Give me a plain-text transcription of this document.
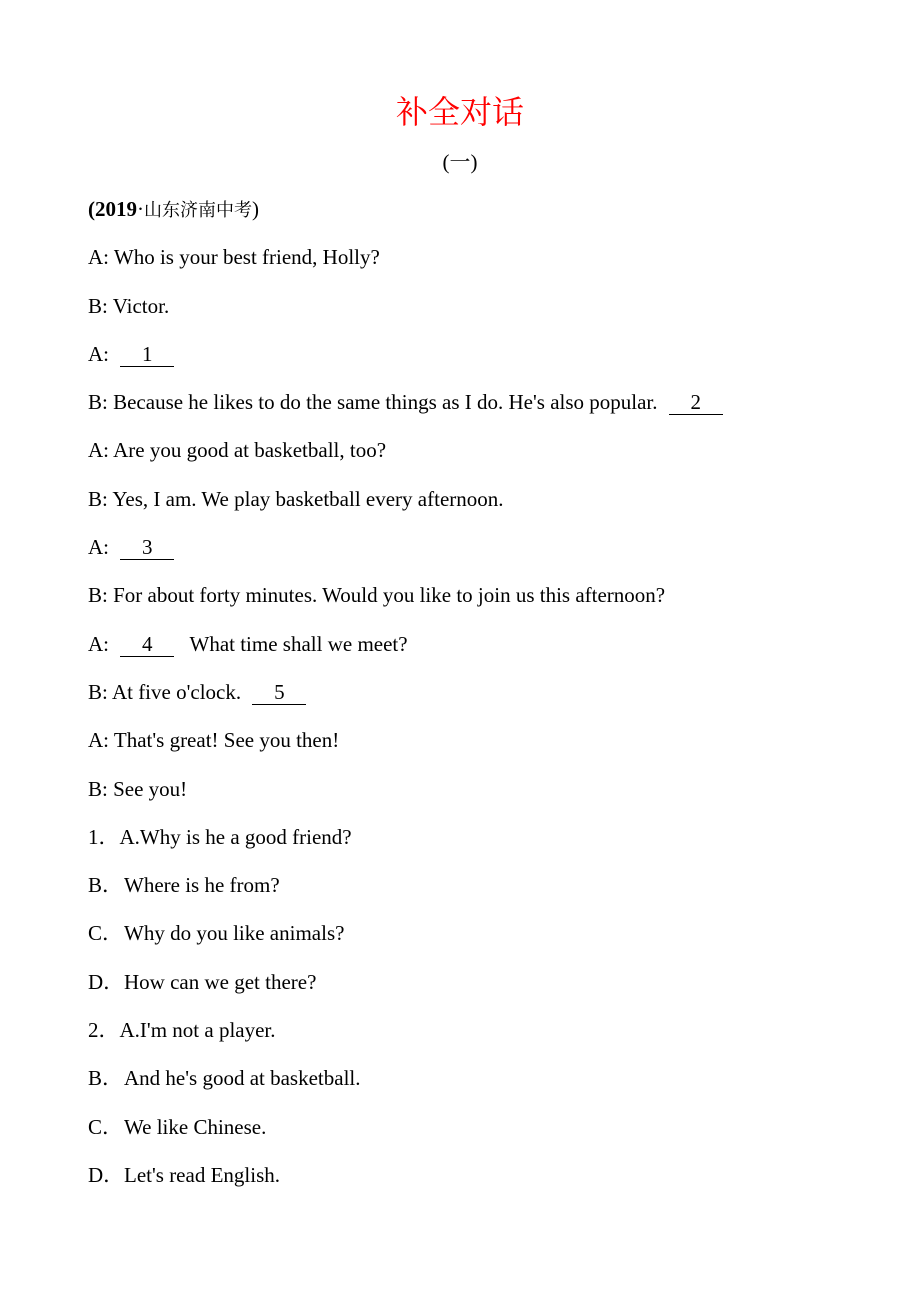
补全对话
(一)
(2019·山东济南中考)
A: Who is your best friend, Holly?
B: Victor.
A: 1
B: Because he likes to do the same things as I do. He's also popular. 2
A: Are you good at basketball, too?
B: Yes, I am. We play basketball every afternoon.
A: 3
B: For about forty minutes. Would you like to join us this afternoon?
A: 4 What time shall we meet?
B: At five o'clock. 5
A: That's great! See you then!
B: See you!
1．A.Why is he a good friend?
B．Where is he from?
C．Why do you like animals?
D．How can we get there?
2．A.I'm not a player.
B．And he's good at basketball.
C．We like Chinese.
D．Let's read English.
